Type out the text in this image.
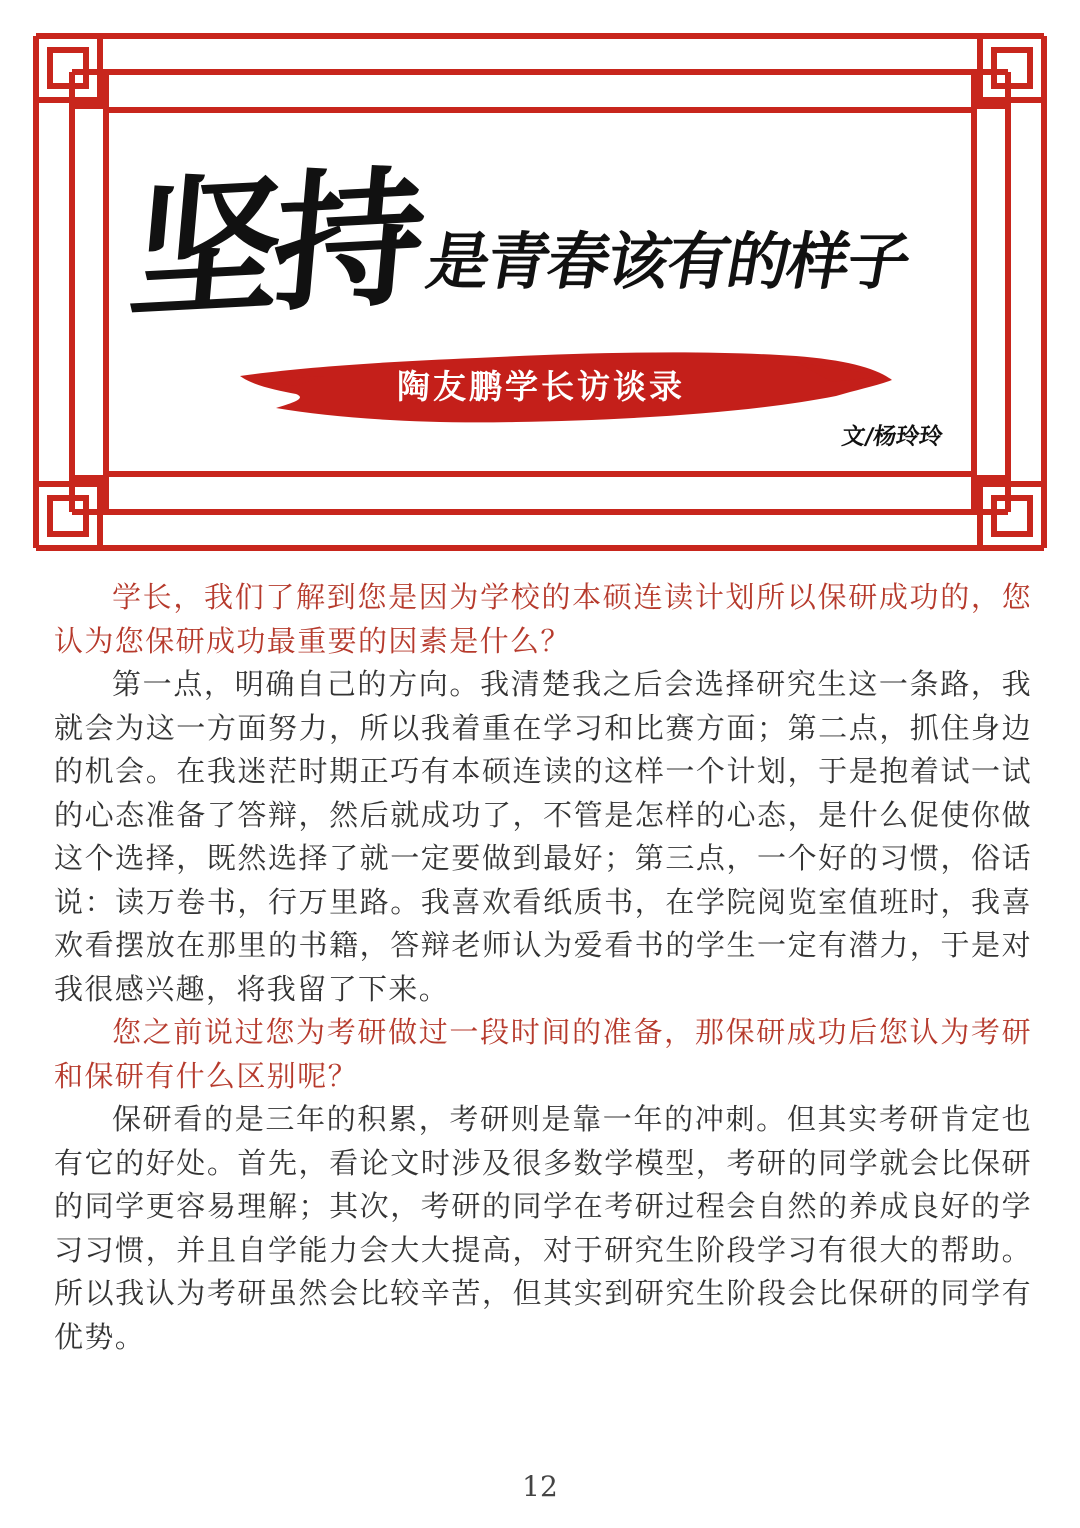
坚持
是青春该有的样子
陶友鹏学长访谈录
文/杨玲玲

学长，我们了解到您是因为学校的本硕连读计划所以保研成功的，您认为您保研成功最重要的因素是什么？

第一点，明确自己的方向。我清楚我之后会选择研究生这一条路，我就会为这一方面努力，所以我着重在学习和比赛方面；第二点，抓住身边的机会。在我迷茫时期正巧有本硕连读的这样一个计划，于是抱着试一试的心态准备了答辩，然后就成功了，不管是怎样的心态，是什么促使你做这个选择，既然选择了就一定要做到最好；第三点，一个好的习惯，俗话说：读万卷书，行万里路。我喜欢看纸质书，在学院阅览室值班时，我喜欢看摆放在那里的书籍，答辩老师认为爱看书的学生一定有潜力，于是对我很感兴趣，将我留了下来。

您之前说过您为考研做过一段时间的准备，那保研成功后您认为考研和保研有什么区别呢？

保研看的是三年的积累，考研则是靠一年的冲刺。但其实考研肯定也有它的好处。首先，看论文时涉及很多数学模型，考研的同学就会比保研的同学更容易理解；其次，考研的同学在考研过程会自然的养成良好的学习习惯，并且自学能力会大大提高，对于研究生阶段学习有很大的帮助。所以我认为考研虽然会比较辛苦，但其实到研究生阶段会比保研的同学有优势。

12
